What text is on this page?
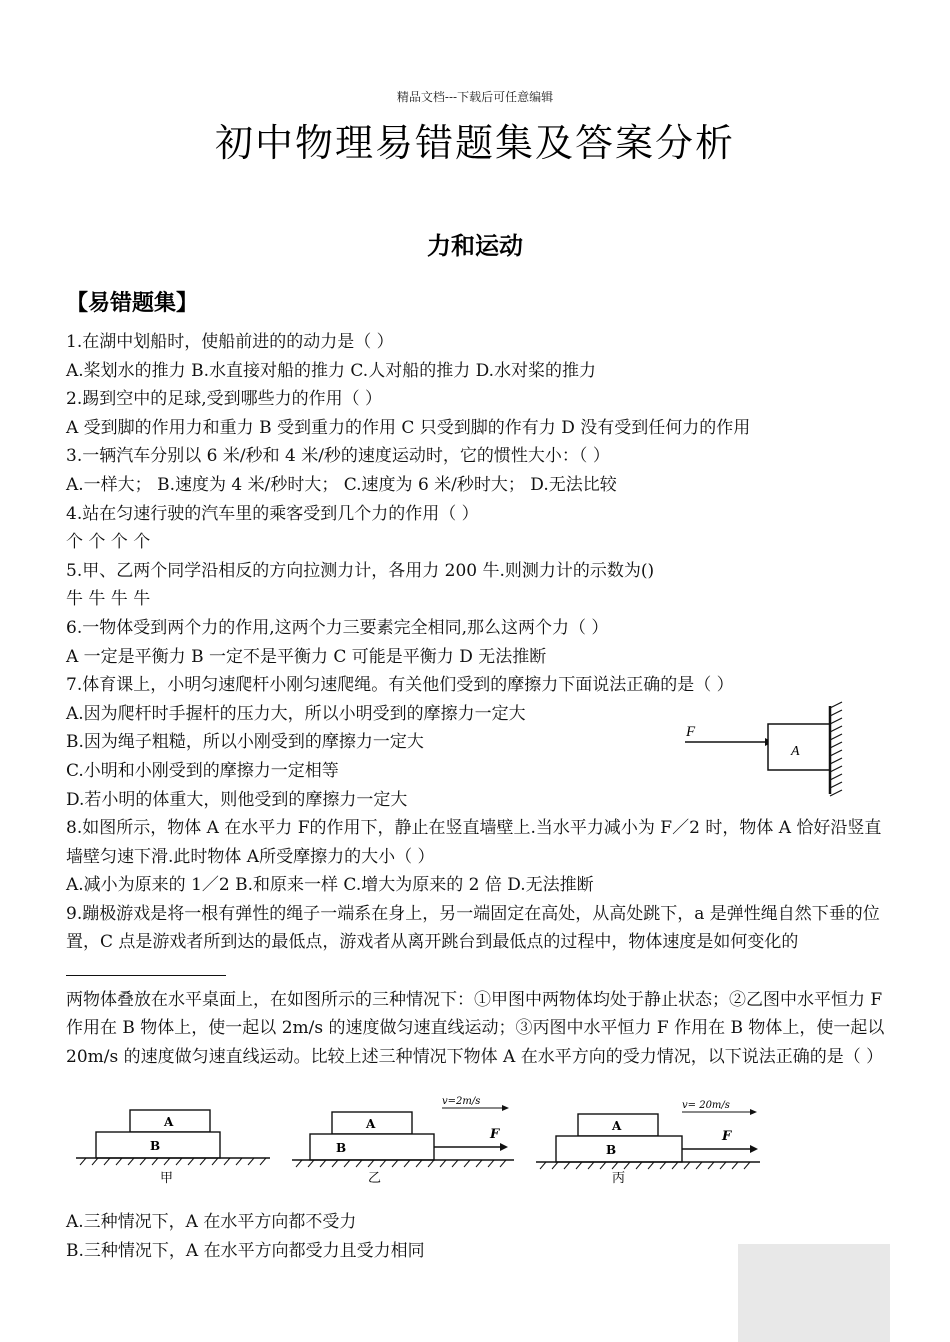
精品文档---下载后可任意编辑
初中物理易错题集及答案分析
力和运动
【易错题集】
1.在湖中划船时，使船前进的的动力是（ ）
A.桨划水的推力 B.水直接对船的推力 C.人对船的推力 D.水对桨的推力
2.踢到空中的足球,受到哪些力的作用（ ）
A 受到脚的作用力和重力 B 受到重力的作用 C 只受到脚的作有力 D 没有受到任何力的作用
3.一辆汽车分别以 6 米/秒和 4 米/秒的速度运动时，它的惯性大小：（ ）
A.一样大； B.速度为 4 米/秒时大； C.速度为 6 米/秒时大； D.无法比较
4.站在匀速行驶的汽车里的乘客受到几个力的作用（ ）
个 个 个 个
5.甲、乙两个同学沿相反的方向拉测力计，各用力 200 牛.则测力计的示数为()
牛 牛 牛 牛
6.一物体受到两个力的作用,这两个力三要素完全相同,那么这两个力（ ）
A 一定是平衡力 B 一定不是平衡力 C 可能是平衡力 D 无法推断
7.体育课上，小明匀速爬杆小刚匀速爬绳。有关他们受到的摩擦力下面说法正确的是（ ）
A.因为爬杆时手握杆的压力大，所以小明受到的摩擦力一定大
B.因为绳子粗糙，所以小刚受到的摩擦力一定大
C.小明和小刚受到的摩擦力一定相等
D.若小明的体重大，则他受到的摩擦力一定大
8.如图所示，物体 A 在水平力 F的作用下，静止在竖直墙壁上.当水平力减小为 F／2 时，物体 A 恰好沿竖直墙壁匀速下滑.此时物体 A所受摩擦力的大小（ ）
A.减小为原来的 1／2 B.和原来一样 C.增大为原来的 2 倍 D.无法推断
9.蹦极游戏是将一根有弹性的绳子一端系在身上，另一端固定在高处，从高处跳下，a 是弹性绳自然下垂的位置，C 点是游戏者所到达的最低点，游戏者从离开跳台到最低点的过程中，物体速度是如何变化的
两物体叠放在水平桌面上，在如图所示的三种情况下：①甲图中两物体均处于静止状态；②乙图中水平恒力 F 作用在 B 物体上，使一起以 2m/s 的速度做匀速直线运动；③丙图中水平恒力 F 作用在 B 物体上，使一起以 20m/s 的速度做匀速直线运动。比较上述三种情况下物体 A 在水平方向的受力情况，以下说法正确的是（ ）
F
A
A
B
甲
v=2m/s
A
B
F
乙
v= 20m/s
A
B
F
丙
A.三种情况下，A 在水平方向都不受力
B.三种情况下，A 在水平方向都受力且受力相同
